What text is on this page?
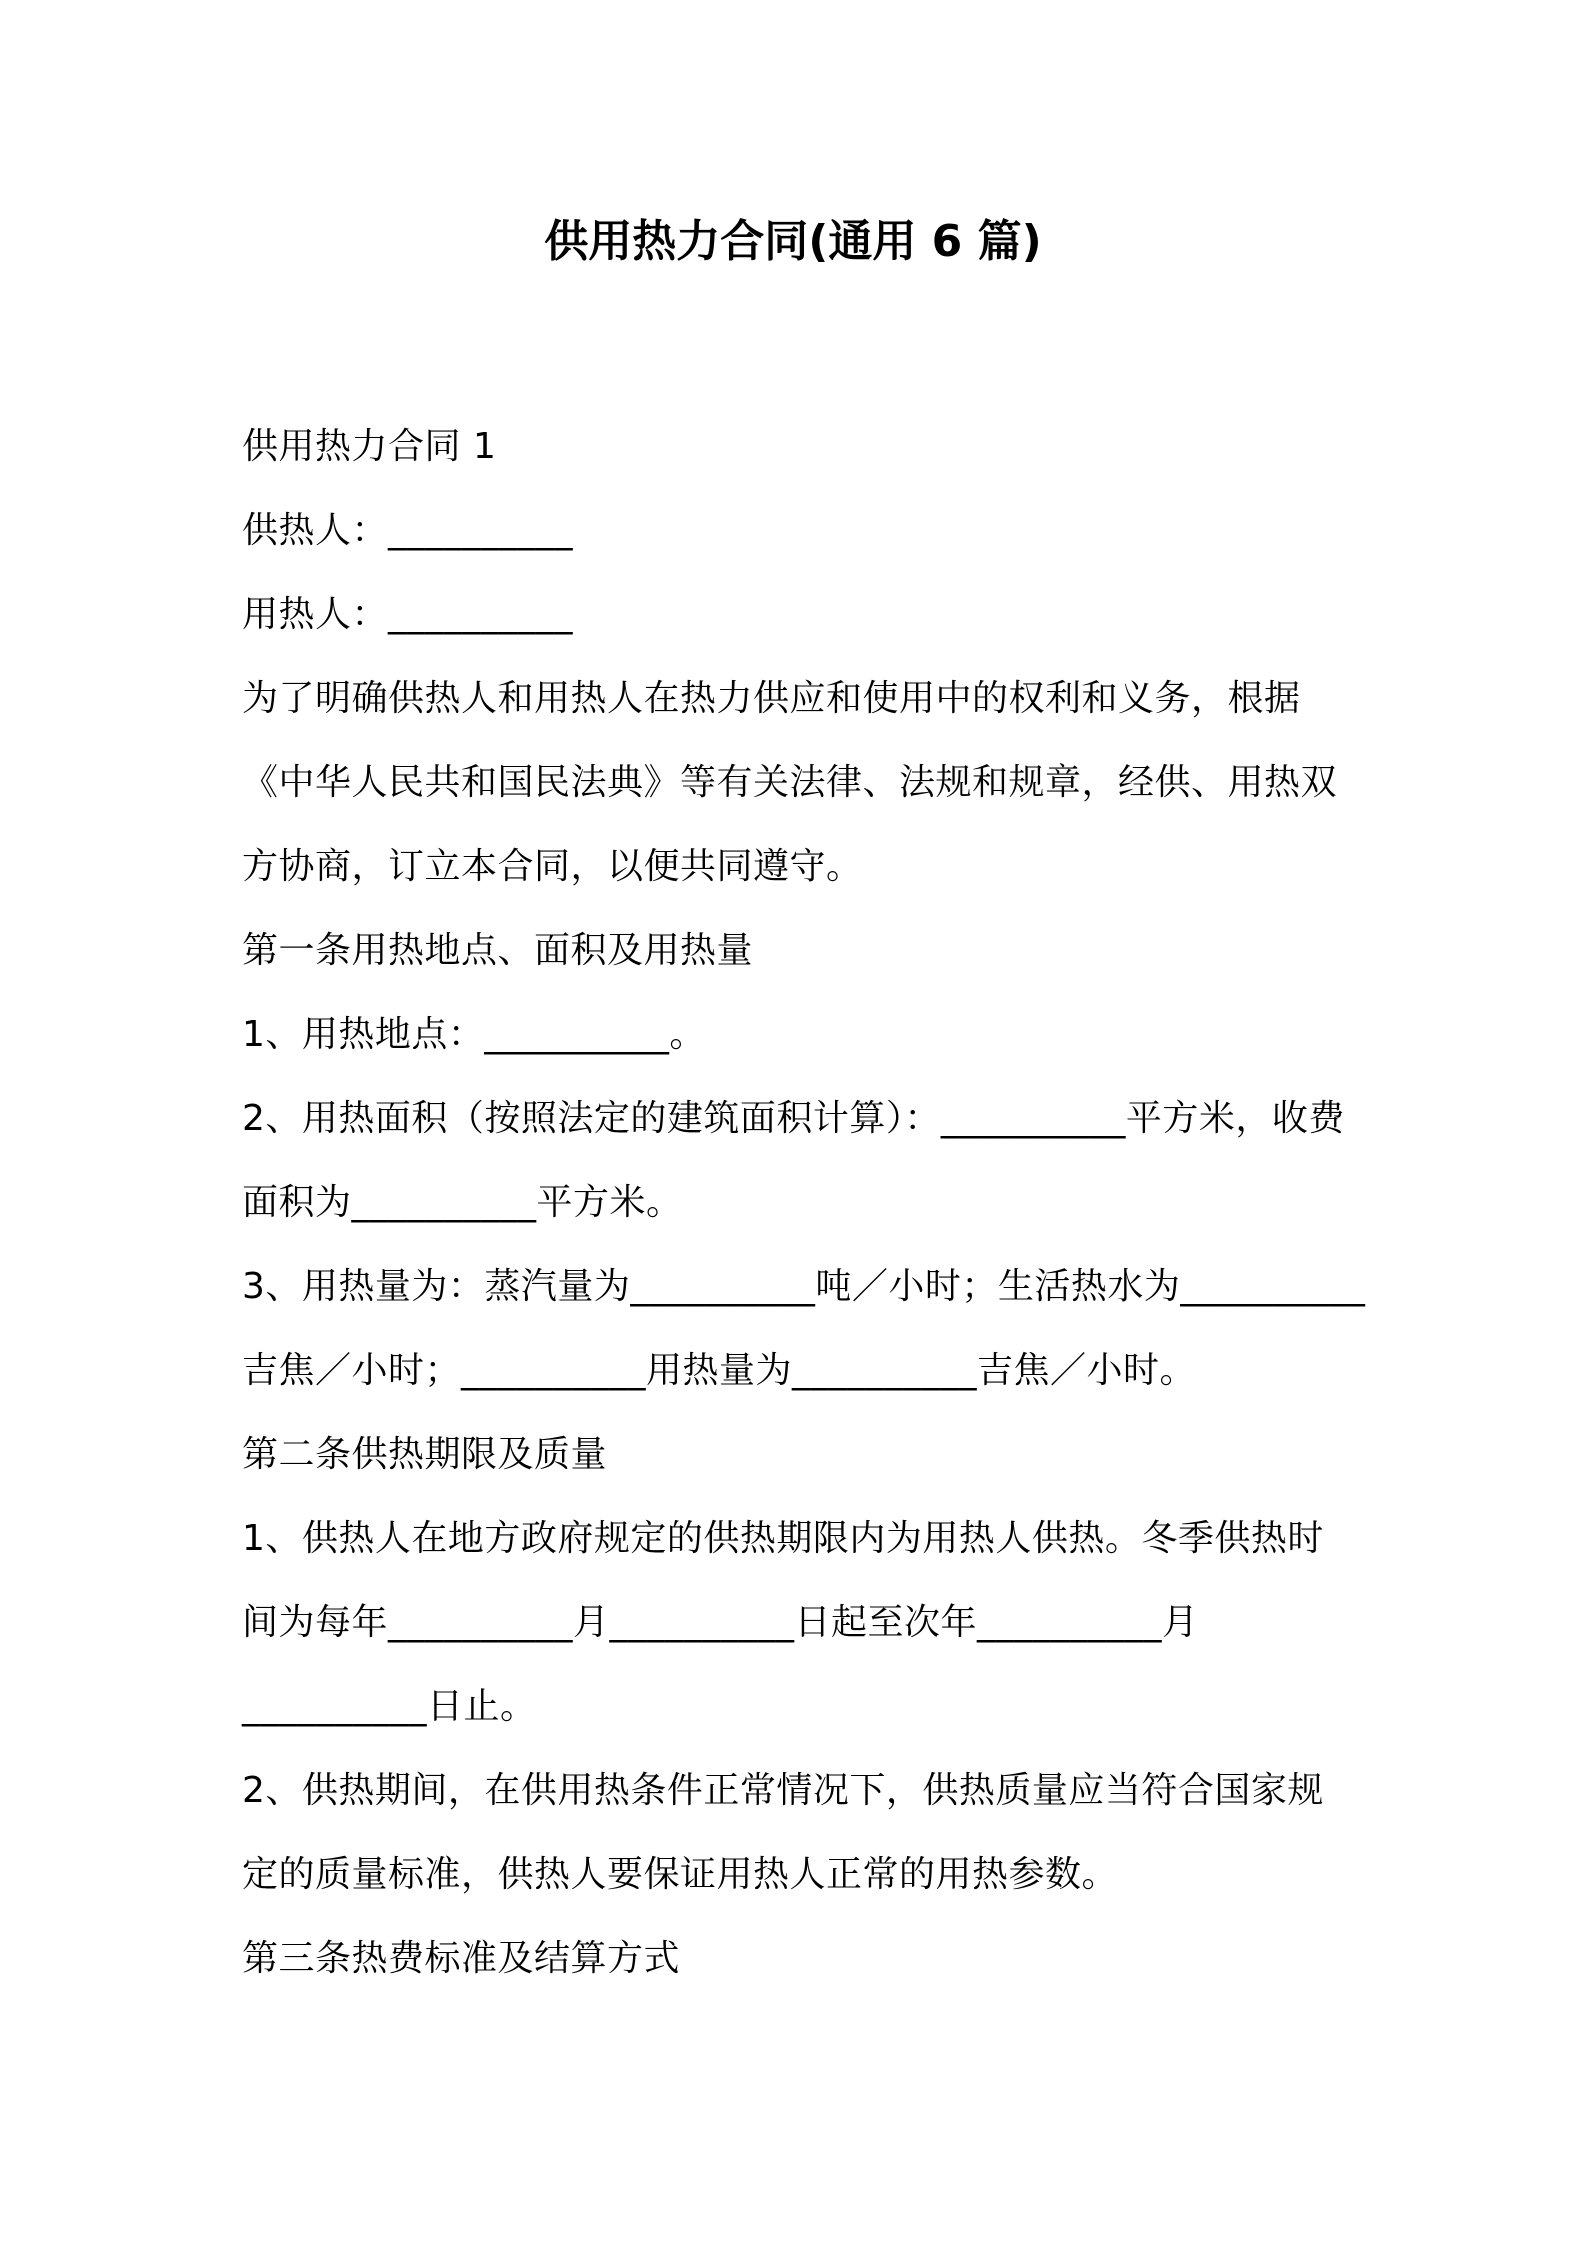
供用热力合同(通用 6 篇)
供用热力合同 1
供热人：__________
用热人：__________
为了明确供热人和用热人在热力供应和使用中的权利和义务，根据
《中华人民共和国民法典》等有关法律、法规和规章，经供、用热双
方协商，订立本合同，以便共同遵守。
第一条用热地点、面积及用热量
1、用热地点：__________。
2、用热面积（按照法定的建筑面积计算）：__________平方米，收费
面积为__________平方米。
3、用热量为：蒸汽量为__________吨／小时；生活热水为__________
吉焦／小时；__________用热量为__________吉焦／小时。
第二条供热期限及质量
1、供热人在地方政府规定的供热期限内为用热人供热。冬季供热时
间为每年__________月__________日起至次年__________月
__________日止。
2、供热期间，在供用热条件正常情况下，供热质量应当符合国家规
定的质量标准，供热人要保证用热人正常的用热参数。
第三条热费标准及结算方式
